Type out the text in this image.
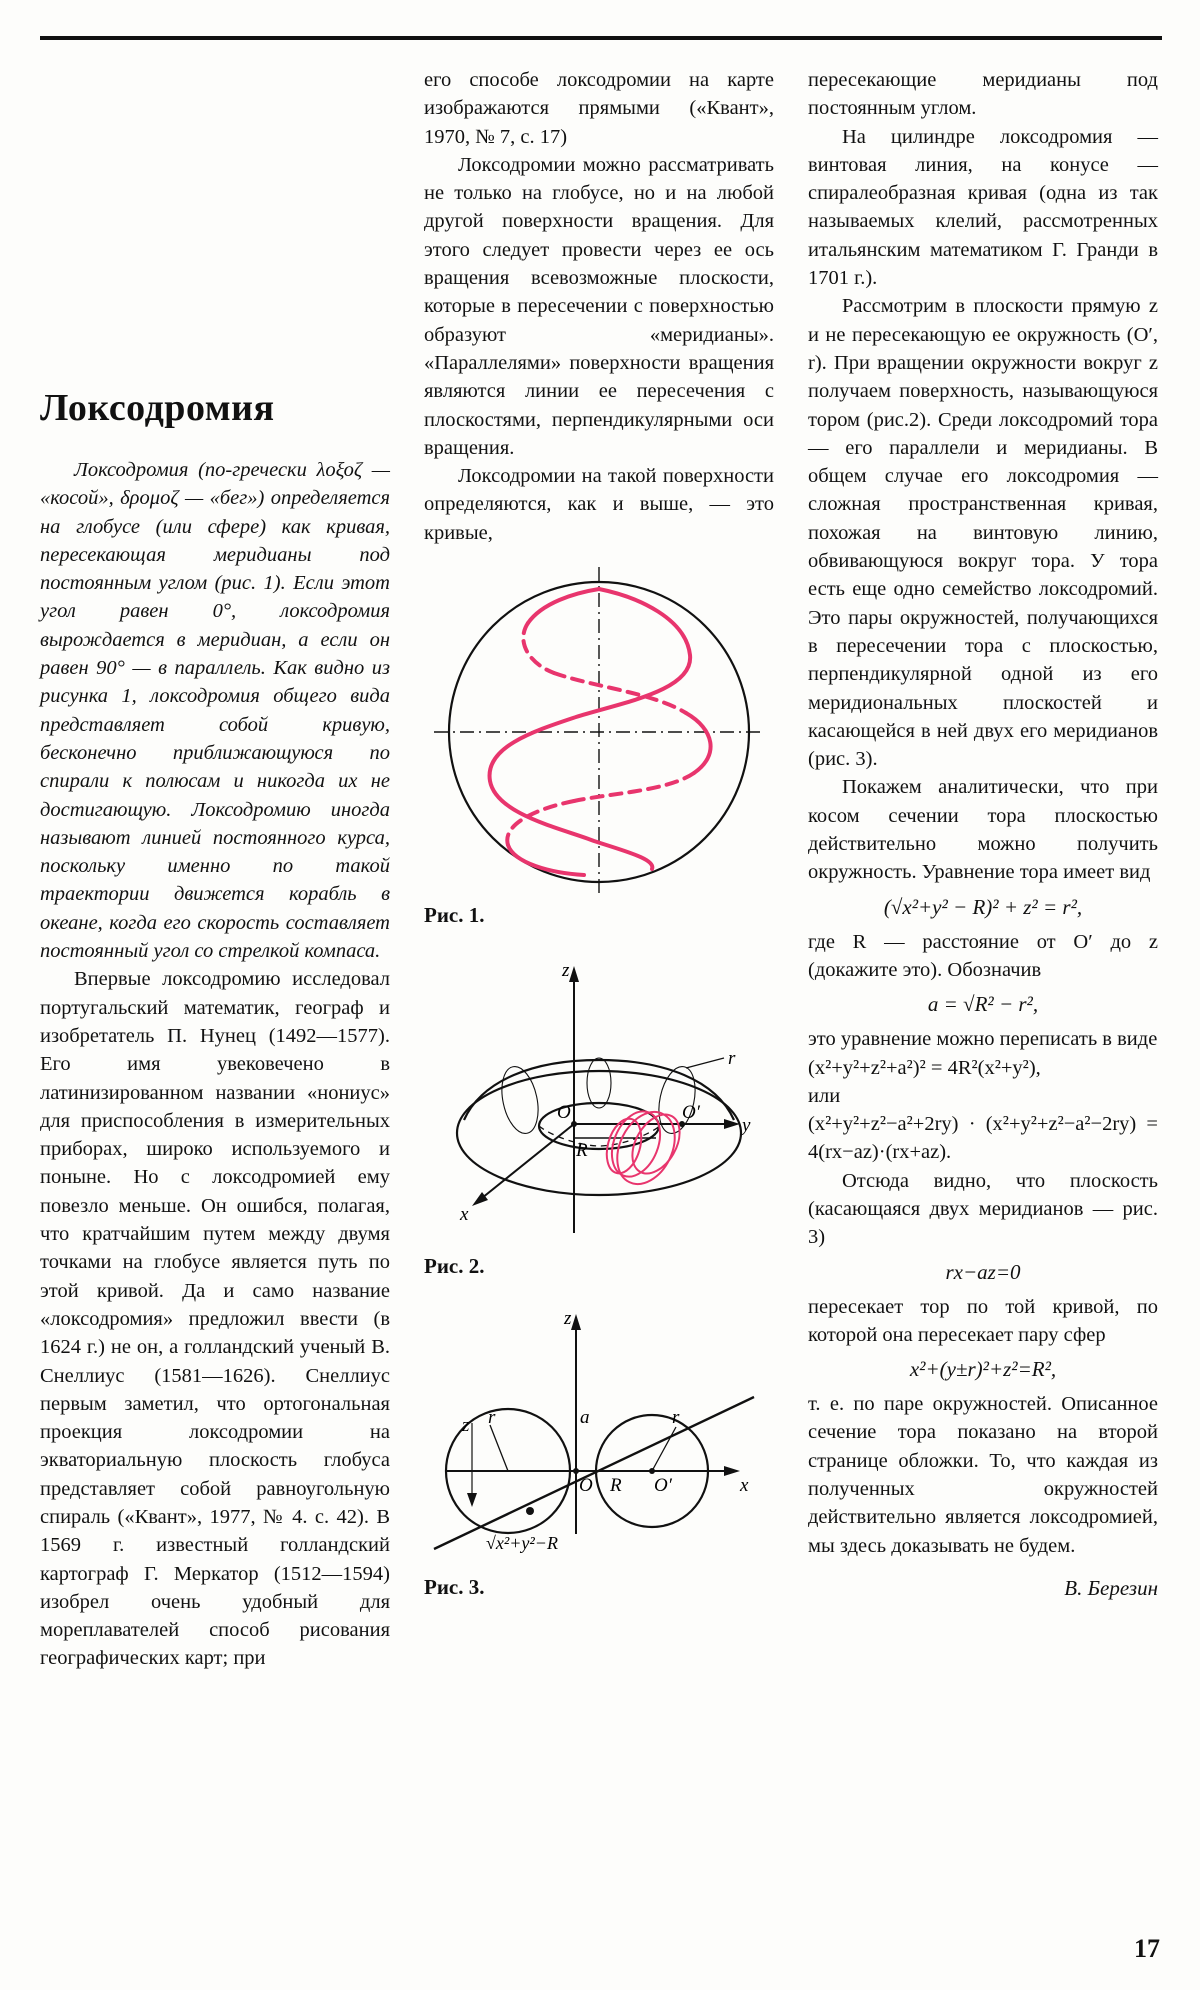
Локсодромия

Локсодромия (по-гречески λοξοζ — «косой», δρομοζ — «бег») определяется на глобусе (или сфере) как кривая, пересекающая меридианы под постоянным углом (рис. 1). Если этот угол равен 0°, локсодромия вырождается в меридиан, а если он равен 90° — в параллель. Как видно из рисунка 1, локсодромия общего вида представляет собой кривую, бесконечно приближающуюся по спирали к полюсам и никогда их не достигающую. Локсодромию иногда называют линией постоянного курса, поскольку именно по такой траектории движется корабль в океане, когда его скорость составляет постоянный угол со стрелкой компаса.

Впервые локсодромию исследовал португальский математик, географ и изобретатель П. Нунец (1492—1577). Его имя увековечено в латинизированном названии «нониус» для приспособления в измерительных приборах, широко используемого и поныне. Но с локсодромией ему повезло меньше. Он ошибся, полагая, что кратчайшим путем между двумя точками на глобусе является путь по этой кривой. Да и само название «локсодромия» предложил ввести (в 1624 г.) не он, а голландский ученый В. Снеллиус (1581—1626). Снеллиус первым заметил, что ортогональная проекция локсодромии на экваториальную плоскость глобуса представляет собой равноугольную спираль («Квант», 1977, № 4. с. 42). В 1569 г. известный голландский картограф Г. Меркатор (1512—1594) изобрел очень удобный для мореплавателей способ рисования географических карт; при

его способе локсодромии на карте изображаются прямыми («Квант», 1970, № 7, с. 17)

Локсодромии можно рассматривать не только на глобусе, но и на любой другой поверхности вращения. Для этого следует провести через ее ось вращения всевозможные плоскости, которые в пересечении с поверхностью образуют «меридианы». «Параллелями» поверхности вращения являются линии ее пересечения с плоскостями, перпендикулярными оси вращения.

Локсодромии на такой поверхности определяются, как и выше, — это кривые,

Рис. 1.
z
y
x
r
O	O′
R
Рис. 2.
z
x
O	O′
R
r
r	a
z
√x²+y²−R
Рис. 3.

пересекающие меридианы под постоянным углом.

На цилиндре локсодромия — винтовая линия, на конусе — спиралеобразная кривая (одна из так называемых клелий, рассмотренных итальянским математиком Г. Гранди в 1701 г.).

Рассмотрим в плоскости прямую z и не пересекающую ее окружность (O′, r). При вращении окружности вокруг z получаем поверхность, называющуюся тором (рис.2). Среди локсодромий тора — его параллели и меридианы. В общем случае его локсодромия — сложная пространственная кривая, похожая на винтовую линию, обвивающуюся вокруг тора. У тора есть еще одно семейство локсодромий. Это пары окружностей, получающихся в пересечении тора с плоскостью, перпендикулярной одной из его меридиональных плоскостей и касающейся в ней двух его меридианов (рис. 3).

Покажем аналитически, что при косом сечении тора плоскостью действительно можно получить окружность. Уравнение тора имеет вид

(√x²+y² − R)² + z² = r²,

где R — расстояние от O′ до z (докажите это). Обозначив

a = √R² − r²,

это уравнение можно переписать в виде

(x²+y²+z²+a²)² = 4R²(x²+y²),
или
(x²+y²+z²−a²+2ry) · (x²+y²+z²−a²−2ry) = 4(rx−az)·(rx+az).

Отсюда видно, что плоскость (касающаяся двух меридианов — рис. 3)

rx−az=0

пересекает тор по той кривой, по которой она пересекает пару сфер

x²+(y±r)²+z²=R²,

т. е. по паре окружностей. Описанное сечение тора показано на второй странице обложки. То, что каждая из полученных окружностей действительно является локсодромией, мы здесь доказывать не будем.

В. Березин
17
